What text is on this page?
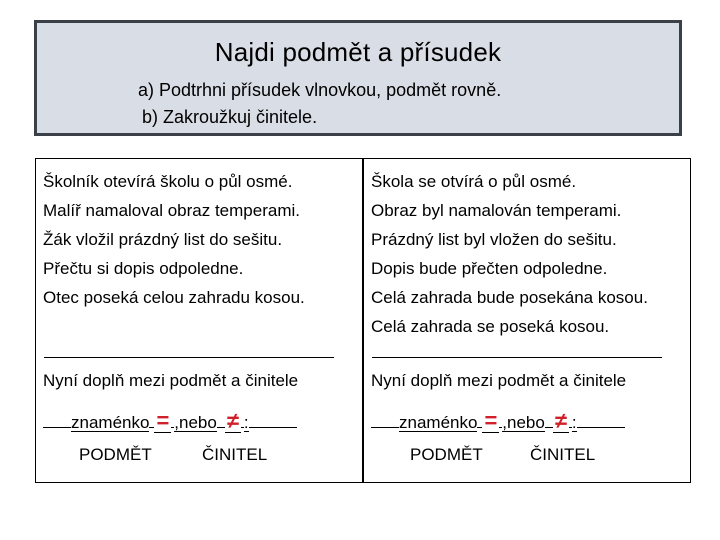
Najdi podmět a přísudek
a) Podtrhni přísudek vlnovkou, podmět rovně.
b) Zakroužkuj činitele.
Školník otevírá školu o půl osmé.
Malíř namaloval obraz temperami.
Žák vložil prázdný list do sešitu.
Přečtu si dopis odpoledne.
Otec poseká celou zahradu kosou.
Nyní doplň mezi podmět a činitele
znaménko = ,nebo ≠ :
PODMĚT	ČINITEL
Škola se otvírá o půl osmé.
Obraz byl namalován temperami.
Prázdný list byl vložen do sešitu.
Dopis bude přečten odpoledne.
Celá zahrada bude posekána kosou.
Celá zahrada se poseká kosou.
Nyní doplň mezi podmět a činitele
znaménko = ,nebo ≠ :
PODMĚT	ČINITEL
